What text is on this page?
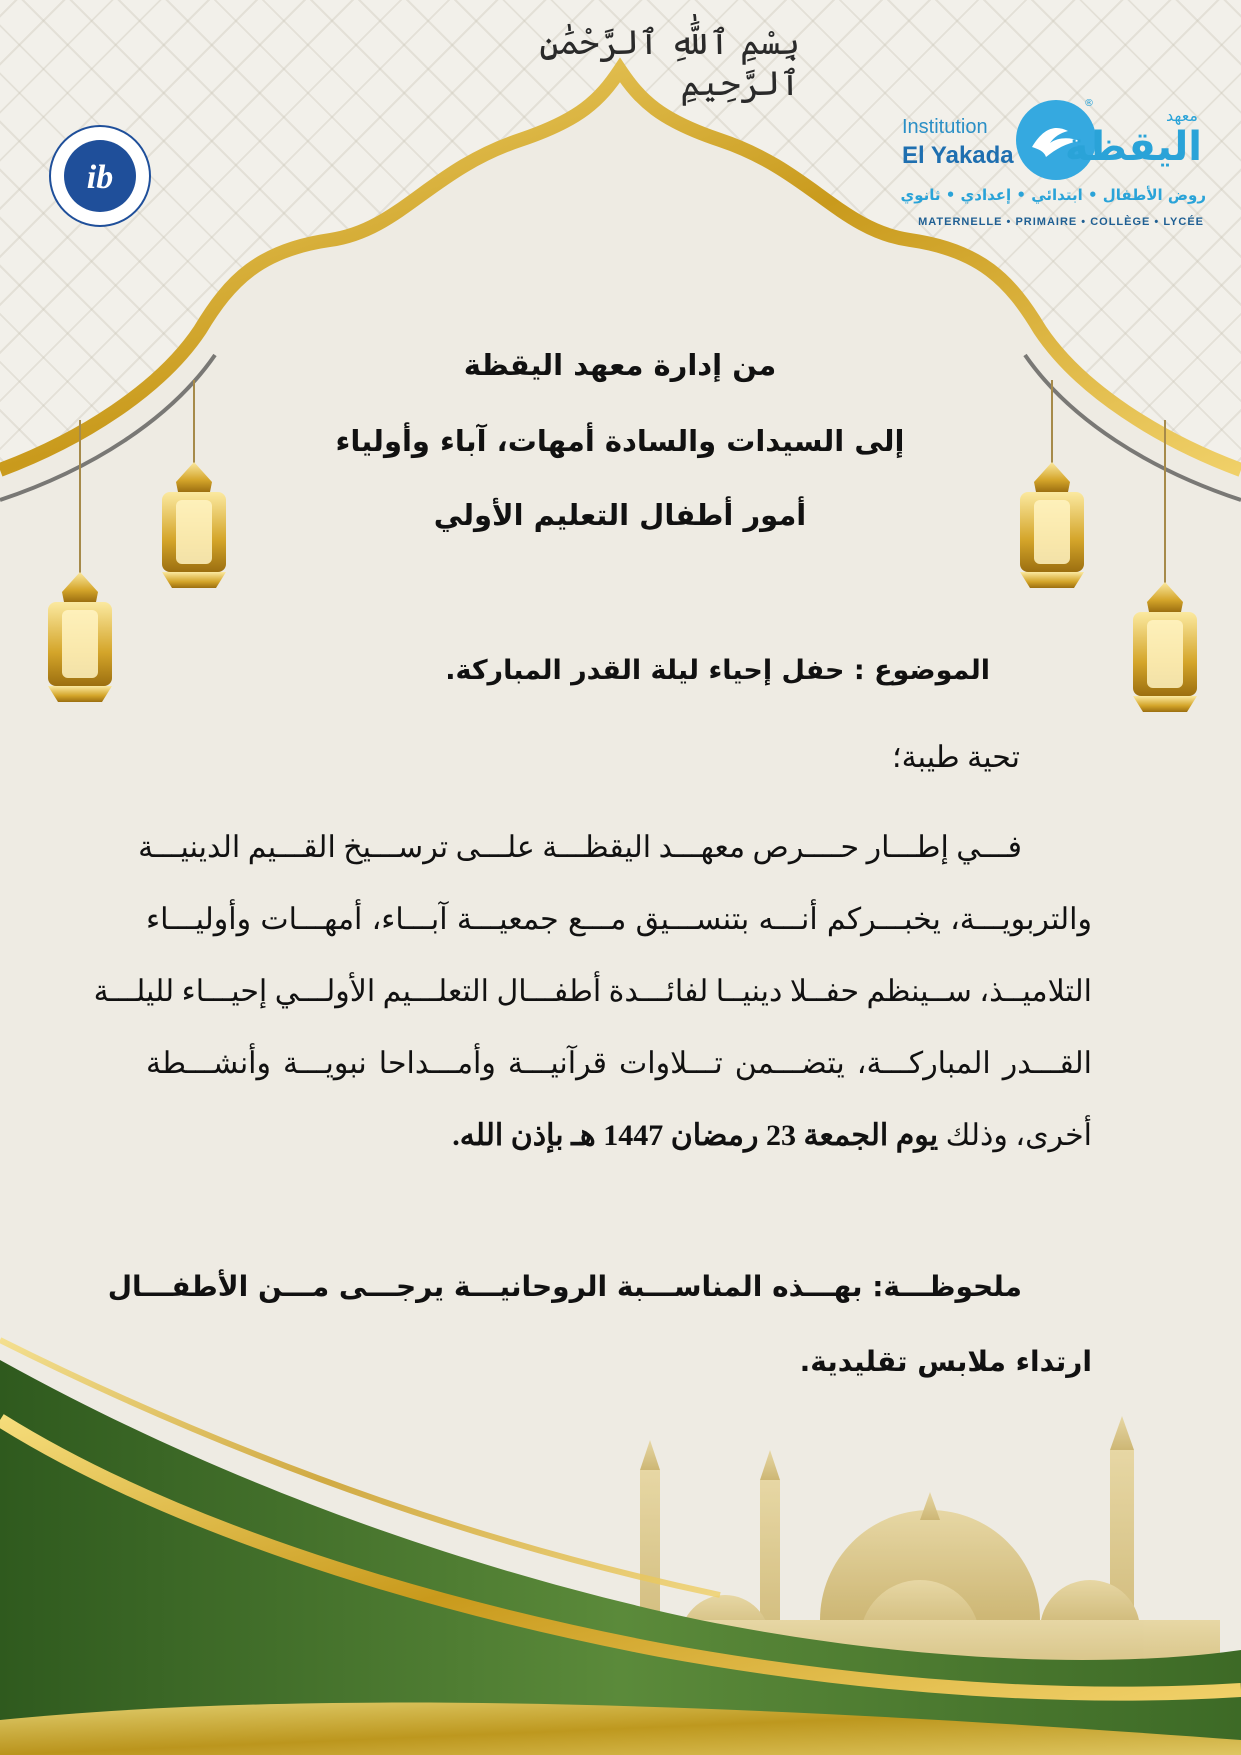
بِسْمِ ٱللَّٰهِ ٱلرَّحْمَٰنِ ٱلرَّحِيمِ
ib
Institution
El Yakada
®
معهد
اليقظة
روض الأطفال • ابتدائي • إعدادي • ثانوي
MATERNELLE • PRIMAIRE • COLLÈGE • LYCÉE
من إدارة معهد اليقظة
إلى السيدات والسادة أمهات، آباء وأولياء
أمور أطفال التعليم الأولي
الموضوع : حفل إحياء ليلة القدر المباركة.
تحية طيبة؛
فـــي إطـــار حــــرص معهـــد اليقظـــة علـــى ترســـيخ القـــيم الدينيـــة
والتربويـــة، يخبـــركم أنـــه بتنســـيق مـــع جمعيـــة آبـــاء، أمهـــات وأوليـــاء
التلاميــذ، ســينظم حفــلا دينيــا لفائـــدة أطفـــال التعلـــيم الأولـــي إحيـــاء لليلـــة
القـــدر المباركـــة، يتضـــمن تـــلاوات قرآنيـــة وأمـــداحا نبويـــة وأنشـــطة
أخرى، وذلك يوم الجمعة 23 رمضان 1447 هـ بإذن الله.
ملحوظـــة: بهـــذه المناســـبة الروحانيـــة يرجـــى مـــن الأطفـــال
ارتداء ملابس تقليدية.
